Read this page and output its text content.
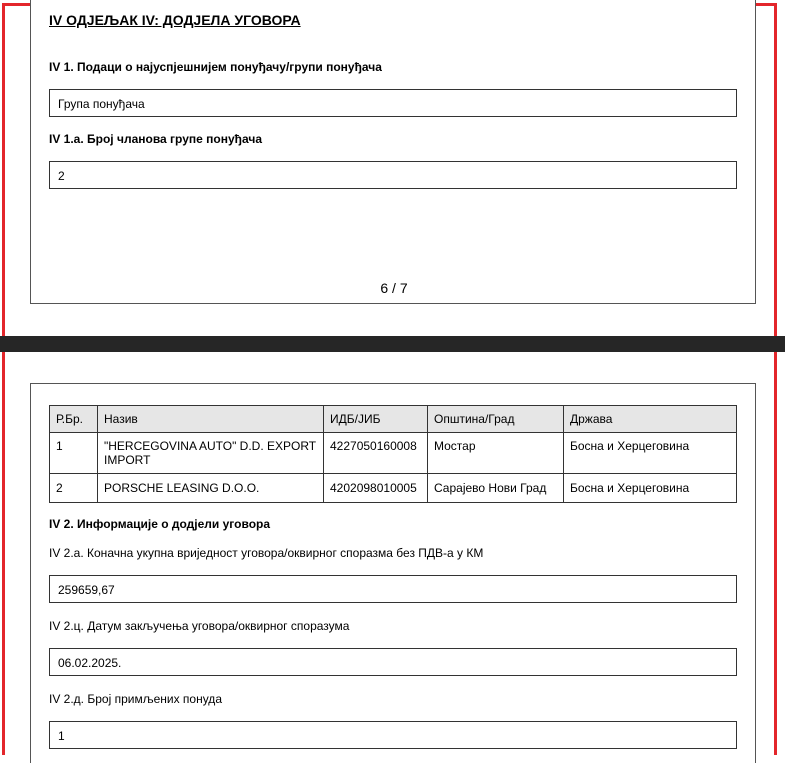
IV ОДЈЕЉАК IV: ДОДЈЕЛА УГОВОРА
IV 1. Подаци о најуспјешнијем понуђачу/групи понуђача
Група понуђача
IV 1.а. Број чланова групе понуђача
2
6 / 7
Р.Бр.	Назив	ИДБ/ЈИБ	Општина/Град	Држава
1	"HERCEGOVINA AUTO" D.D. EXPORT IMPORT	4227050160008	Мостар	Босна и Херцеговина
2	PORSCHE LEASING D.O.O.	4202098010005	Сарајево Нови Град	Босна и Херцеговина
IV 2. Информације о додјели уговора
IV 2.а. Коначна укупна вриједност уговора/оквирног споразма без ПДВ-а у КМ
259659,67
IV 2.ц. Датум закључења уговора/оквирног споразума
06.02.2025.
IV 2.д. Број примљених понуда
1
